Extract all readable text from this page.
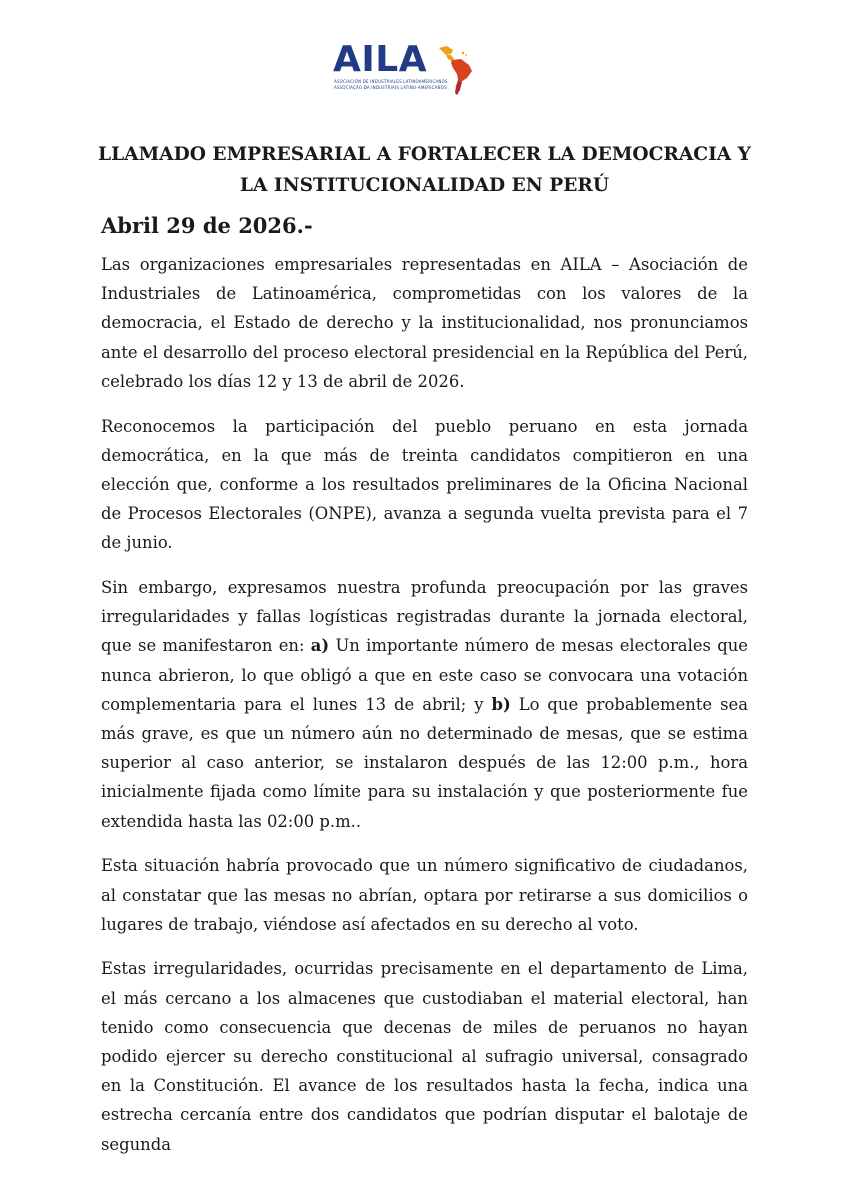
AILA
ASOCIACIÓN DE INDUSTRIALES LATINOAMERICANOS
ASSOCIAÇÃO DA INDUSTRIAIS LATINO-AMERICANOS
LLAMADO EMPRESARIAL A FORTALECER LA DEMOCRACIA Y
LA INSTITUCIONALIDAD EN PERÚ
Abril 29 de 2026.-

Las organizaciones empresariales representadas en AILA – Asociación de Industriales de Latinoamérica, comprometidas con los valores de la democracia, el Estado de derecho y la institucionalidad, nos pronunciamos ante el desarrollo del proceso electoral presidencial en la República del Perú, celebrado los días 12 y 13 de abril de 2026.

Reconocemos la participación del pueblo peruano en esta jornada democrática, en la que más de treinta candidatos compitieron en una elección que, conforme a los resultados preliminares de la Oficina Nacional de Procesos Electorales (ONPE), avanza a segunda vuelta prevista para el 7 de junio.

Sin embargo, expresamos nuestra profunda preocupación por las graves irregularidades y fallas logísticas registradas durante la jornada electoral, que se manifestaron en: a) Un importante número de mesas electorales que nunca abrieron, lo que obligó a que en este caso se convocara una votación complementaria para el lunes 13 de abril; y b) Lo que probablemente sea más grave, es que un número aún no determinado de mesas, que se estima superior al caso anterior, se instalaron después de las 12:00 p.m., hora inicialmente fijada como límite para su instalación y que posteriormente fue extendida hasta las 02:00 p.m..

Esta situación habría provocado que un número significativo de ciudadanos, al constatar que las mesas no abrían, optara por retirarse a sus domicilios o lugares de trabajo, viéndose así afectados en su derecho al voto.

Estas irregularidades, ocurridas precisamente en el departamento de Lima, el más cercano a los almacenes que custodiaban el material electoral, han tenido como consecuencia que decenas de miles de peruanos no hayan podido ejercer su derecho constitucional al sufragio universal, consagrado en la Constitución. El avance de los resultados hasta la fecha, indica una estrecha cercanía entre dos candidatos que podrían disputar el balotaje de segunda
